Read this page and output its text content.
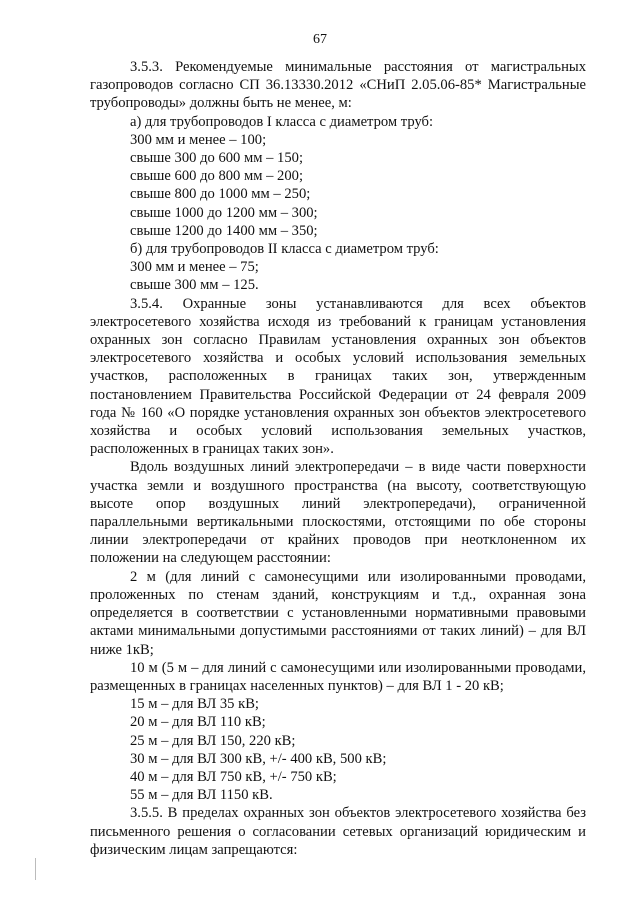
67

3.5.3. Рекомендуемые минимальные расстояния от магистральных газопроводов согласно СП 36.13330.2012 «СНиП 2.05.06-85* Магистральные трубопроводы» должны быть не менее, м:

а) для трубопроводов I класса с диаметром труб:

300 мм и менее – 100;

свыше 300 до 600 мм – 150;

свыше 600 до 800 мм – 200;

свыше 800 до 1000 мм – 250;

свыше 1000 до 1200 мм – 300;

свыше 1200 до 1400 мм – 350;

б) для трубопроводов II класса с диаметром труб:

300 мм и менее – 75;

свыше 300 мм – 125.

3.5.4. Охранные зоны устанавливаются для всех объектов электросетевого хозяйства исходя из требований к границам установления охранных зон согласно Правилам установления охранных зон объектов электросетевого хозяйства и особых условий использования земельных участков, расположенных в границах таких зон, утвержденным постановлением Правительства Российской Федерации от 24 февраля 2009 года № 160 «О порядке установления охранных зон объектов электросетевого хозяйства и особых условий использования земельных участков, расположенных в границах таких зон».

Вдоль воздушных линий электропередачи – в виде части поверхности участка земли и воздушного пространства (на высоту, соответствующую высоте опор воздушных линий электропередачи), ограниченной параллельными вертикальными плоскостями, отстоящими по обе стороны линии электропередачи от крайних проводов при неотклоненном их положении на следующем расстоянии:

2 м (для линий с самонесущими или изолированными проводами, проложенных по стенам зданий, конструкциям и т.д., охранная зона определяется в соответствии с установленными нормативными правовыми актами минимальными допустимыми расстояниями от таких линий) – для ВЛ ниже 1кВ;

10 м (5 м – для линий с самонесущими или изолированными проводами, размещенных в границах населенных пунктов) – для ВЛ 1 - 20 кВ;

15 м – для ВЛ 35 кВ;

20 м – для ВЛ 110 кВ;

25 м – для ВЛ 150, 220 кВ;

30 м – для ВЛ 300 кВ, +/- 400 кВ, 500 кВ;

40 м – для ВЛ 750 кВ, +/- 750 кВ;

55 м – для ВЛ 1150 кВ.

3.5.5. В пределах охранных зон объектов электросетевого хозяйства без письменного решения о согласовании сетевых организаций юридическим и физическим лицам запрещаются:
